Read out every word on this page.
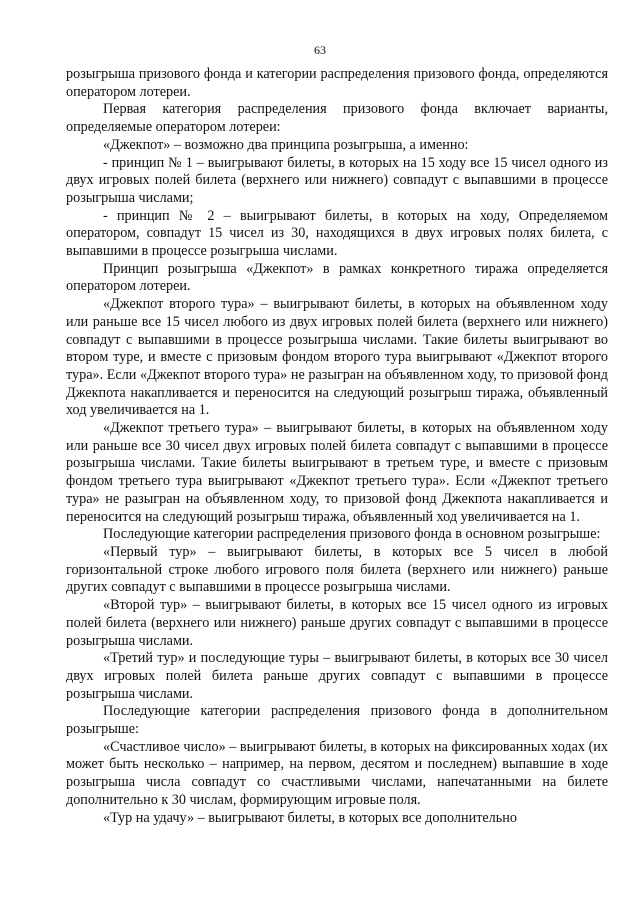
63

розыгрыша призового фонда и категории распределения призового фонда, определяются оператором лотереи.

Первая категория распределения призового фонда включает варианты, определяемые оператором лотереи:

«Джекпот» – возможно два принципа розыгрыша, а именно:

- принцип № 1 – выигрывают билеты, в которых на 15 ходу все 15 чисел одного из двух игровых полей билета (верхнего или нижнего) совпадут с выпавшими в процессе розыгрыша числами;

- принцип № 2 – выигрывают билеты, в которых на ходу, Определяемом оператором, совпадут 15 чисел из 30, находящихся в двух игровых полях билета, с выпавшими в процессе розыгрыша числами.

Принцип розыгрыша «Джекпот» в рамках конкретного тиража определяется оператором лотереи.

«Джекпот второго тура» – выигрывают билеты, в которых на объявленном ходу или раньше все 15 чисел любого из двух игровых полей билета (верхнего или нижнего) совпадут с выпавшими в процессе розыгрыша числами. Такие билеты выигрывают во втором туре, и вместе с призовым фондом второго тура выигрывают «Джекпот второго тура». Если «Джекпот второго тура» не разыгран на объявленном ходу, то призовой фонд Джекпота накапливается и переносится на следующий розыгрыш тиража, объявленный ход увеличивается на 1.

«Джекпот третьего тура» – выигрывают билеты, в которых на объявленном ходу или раньше все 30 чисел двух игровых полей билета совпадут с выпавшими в процессе розыгрыша числами. Такие билеты выигрывают в третьем туре, и вместе с призовым фондом третьего тура выигрывают «Джекпот третьего тура». Если «Джекпот третьего тура» не разыгран на объявленном ходу, то призовой фонд Джекпота накапливается и переносится на следующий розыгрыш тиража, объявленный ход увеличивается на 1.

Последующие категории распределения призового фонда в основном розыгрыше:

«Первый тур» – выигрывают билеты, в которых все 5 чисел в любой горизонтальной строке любого игрового поля билета (верхнего или нижнего) раньше других совпадут с выпавшими в процессе розыгрыша числами.

«Второй тур» – выигрывают билеты, в которых все 15 чисел одного из игровых полей билета (верхнего или нижнего) раньше других совпадут с выпавшими в процессе розыгрыша числами.

«Третий тур» и последующие туры – выигрывают билеты, в которых все 30 чисел двух игровых полей билета раньше других совпадут с выпавшими в процессе розыгрыша числами.

Последующие категории распределения призового фонда в дополнительном розыгрыше:

«Счастливое число» – выигрывают билеты, в которых на фиксированных ходах (их может быть несколько – например, на первом, десятом и последнем) выпавшие в ходе розыгрыша числа совпадут со счастливыми числами, напечатанными на билете дополнительно к 30 числам, формирующим игровые поля.

«Тур на удачу» – выигрывают билеты, в которых все дополнительно
